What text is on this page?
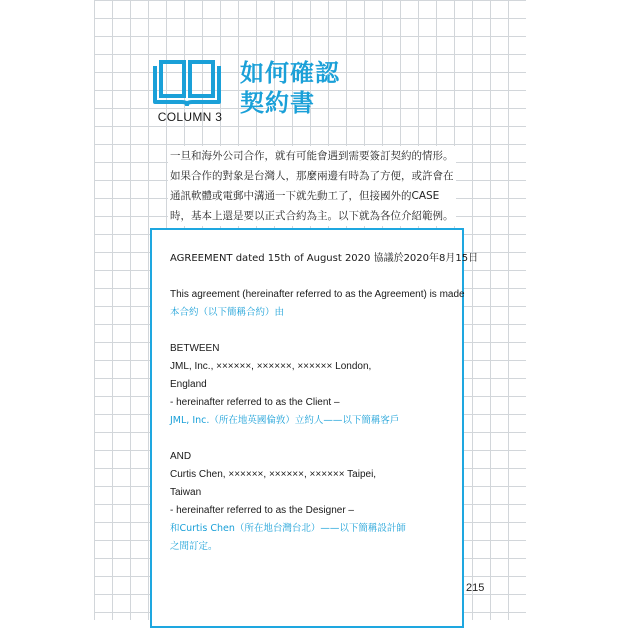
COLUMN 3
如何確認
契約書

一旦和海外公司合作，就有可能會遇到需要簽訂契約的情形。如果合作的對象是台灣人，那麼兩邊有時為了方便，或許會在通訊軟體或電郵中溝通一下就先動工了，但接國外的CASE時，基本上還是要以正式合約為主。以下就為各位介紹範例。

AGREEMENT dated 15th of August 2020 協議於2020年8月15日
This agreement (hereinafter referred to as the Agreement) is made
本合約（以下簡稱合約）由
BETWEEN
JML, Inc., ××××××, ××××××, ×××××× London,
England
- hereinafter referred to as the Client –
JML, Inc.（所在地英國倫敦）立約人——以下簡稱客戶
AND
Curtis Chen, ××××××, ××××××, ×××××× Taipei,
Taiwan
- hereinafter referred to as the Designer –
和Curtis Chen（所在地台灣台北）——以下簡稱設計師
之間訂定。
215
